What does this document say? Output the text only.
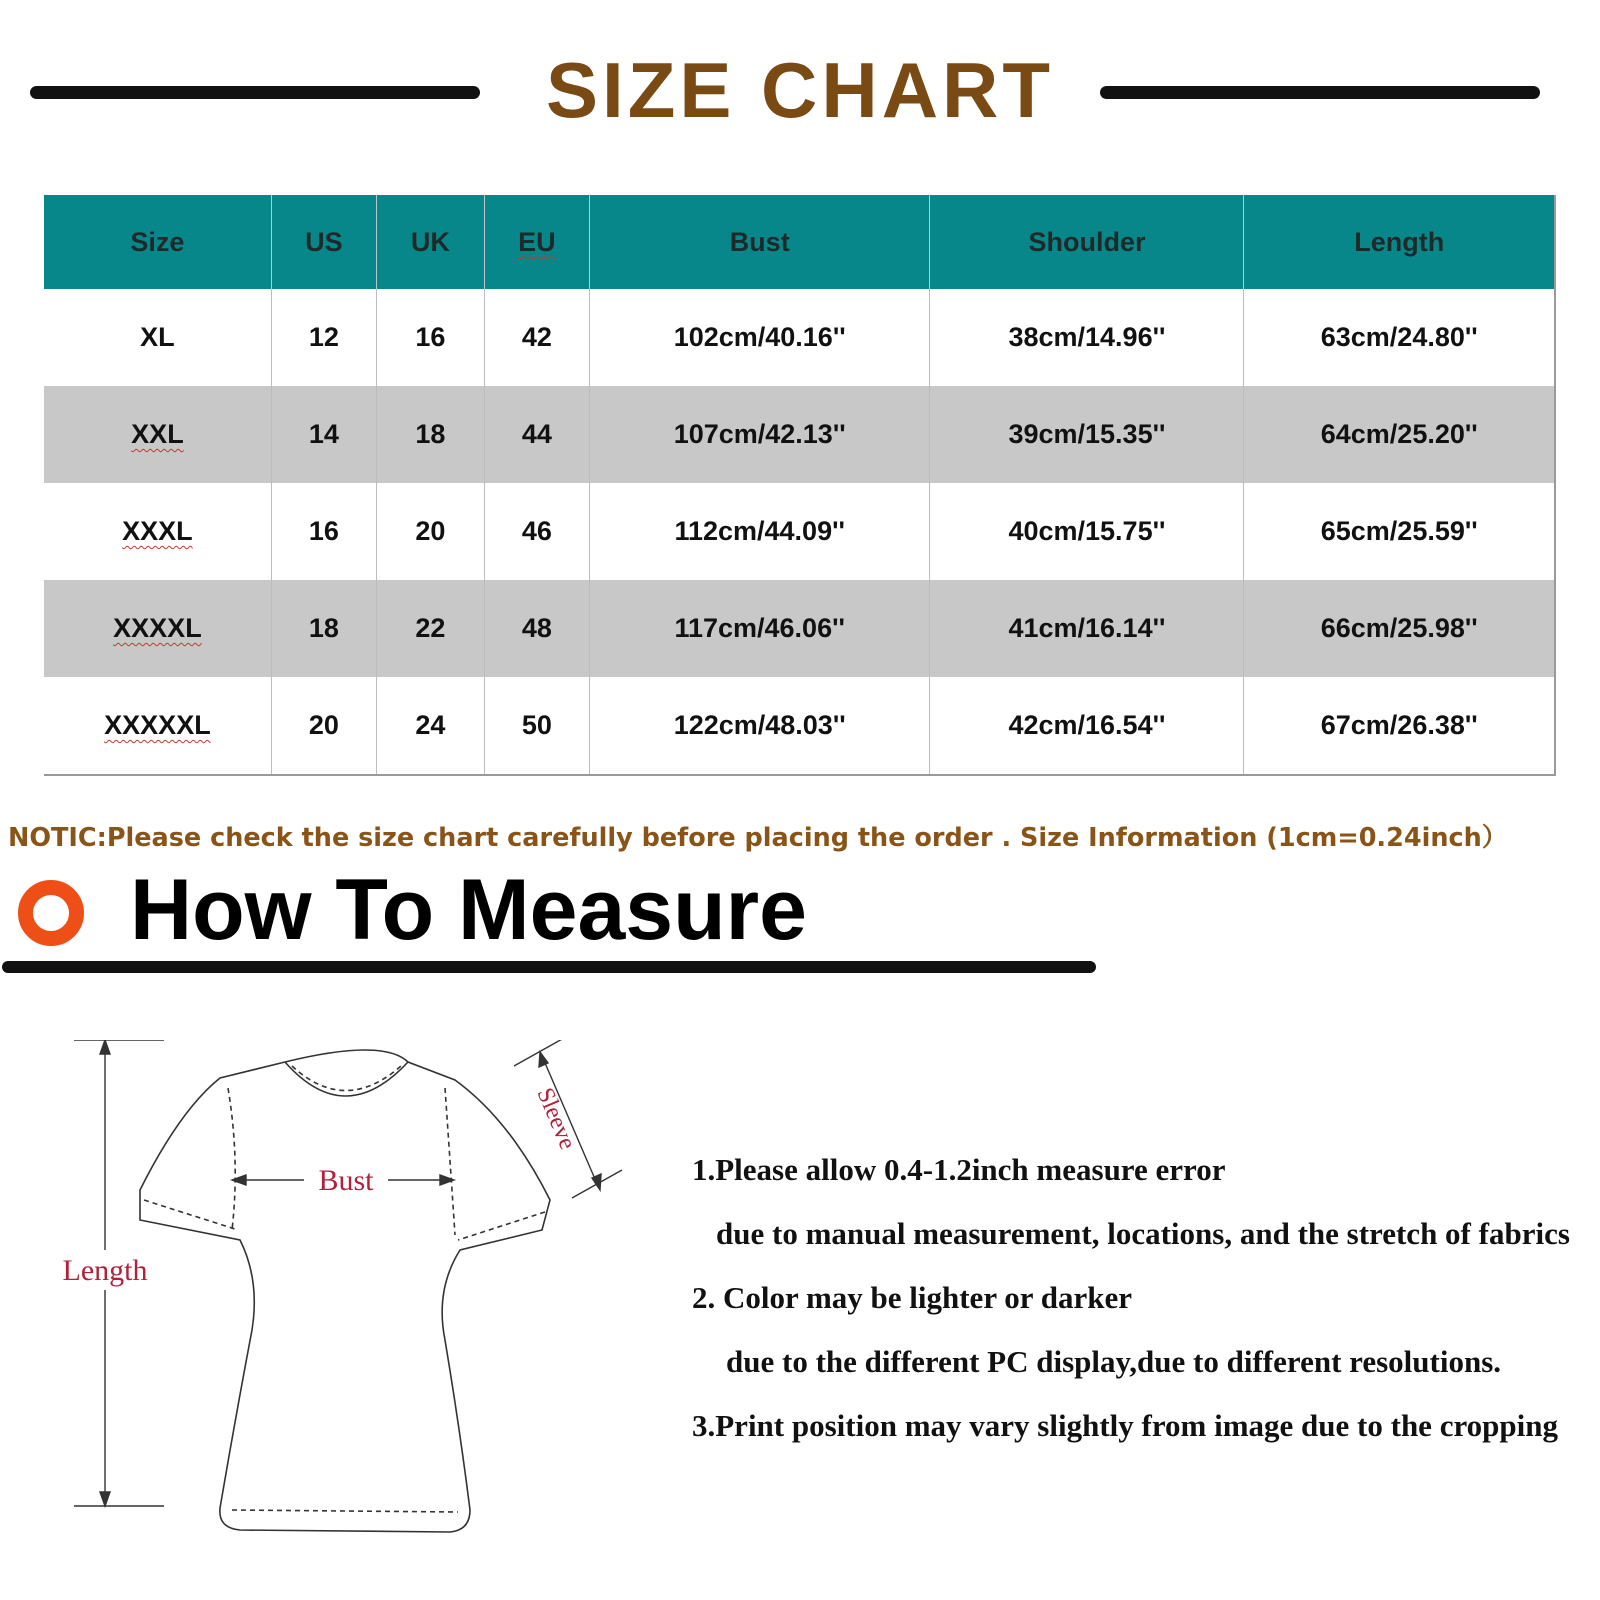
SIZE CHART
Size	US	UK	EU	Bust	Shoulder	Length
XL	12	16	42	102cm/40.16''	38cm/14.96''	63cm/24.80''
XXL	14	18	44	107cm/42.13''	39cm/15.35''	64cm/25.20''
XXXL	16	20	46	112cm/44.09''	40cm/15.75''	65cm/25.59''
XXXXL	18	22	48	117cm/46.06''	41cm/16.14''	66cm/25.98''
XXXXXL	20	24	50	122cm/48.03''	42cm/16.54''	67cm/26.38''
NOTIC:Please check the size chart carefully before placing the order . Size Information (1cm=0.24inch）
How To Measure
Length
Bust
Sleeve
1.Please allow 0.4-1.2inch measure error
due to manual measurement, locations, and the stretch of fabrics
2. Color may be lighter or darker
due to the different PC display,due to different resolutions.
3.Print position may vary slightly from image due to the cropping
